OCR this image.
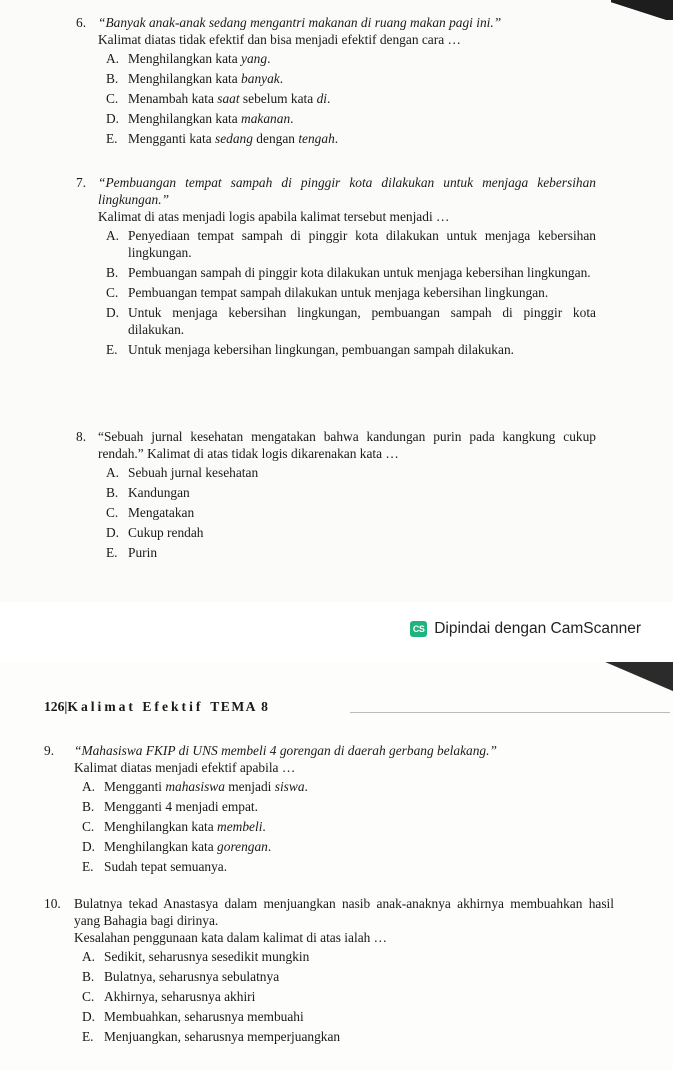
6. “Banyak anak-anak sedang mengantri makanan di ruang makan pagi ini.”
Kalimat diatas tidak efektif dan bisa menjadi efektif dengan cara …
A. Menghilangkan kata yang.
B. Menghilangkan kata banyak.
C. Menambah kata saat sebelum kata di.
D. Menghilangkan kata makanan.
E. Mengganti kata sedang dengan tengah.
7. “Pembuangan tempat sampah di pinggir kota dilakukan untuk menjaga kebersihan lingkungan.”
Kalimat di atas menjadi logis apabila kalimat tersebut menjadi …
A. Penyediaan tempat sampah di pinggir kota dilakukan untuk menjaga kebersihan lingkungan.
B. Pembuangan sampah di pinggir kota dilakukan untuk menjaga kebersihan lingkungan.
C. Pembuangan tempat sampah dilakukan untuk menjaga kebersihan lingkungan.
D. Untuk menjaga kebersihan lingkungan, pembuangan sampah di pinggir kota dilakukan.
E. Untuk menjaga kebersihan lingkungan, pembuangan sampah dilakukan.
8. “Sebuah jurnal kesehatan mengatakan bahwa kandungan purin pada kangkung cukup rendah.” Kalimat di atas tidak logis dikarenakan kata …
A. Sebuah jurnal kesehatan
B. Kandungan
C. Mengatakan
D. Cukup rendah
E. Purin
CS Dipindai dengan CamScanner
126|Kalimat Efektif TEMA 8
9.	“Mahasiswa FKIP di UNS membeli 4 gorengan di daerah gerbang belakang.”
Kalimat diatas menjadi efektif apabila …
A. Mengganti mahasiswa menjadi siswa.
B. Mengganti 4 menjadi empat.
C. Menghilangkan kata membeli.
D. Menghilangkan kata gorengan.
E. Sudah tepat semuanya.
10. Bulatnya tekad Anastasya dalam menjuangkan nasib anak-anaknya akhirnya membuahkan hasil yang Bahagia bagi dirinya.
Kesalahan penggunaan kata dalam kalimat di atas ialah …
A. Sedikit, seharusnya sesedikit mungkin
B. Bulatnya, seharusnya sebulatnya
C. Akhirnya, seharusnya akhiri
D. Membuahkan, seharusnya membuahi
E. Menjuangkan, seharusnya memperjuangkan
